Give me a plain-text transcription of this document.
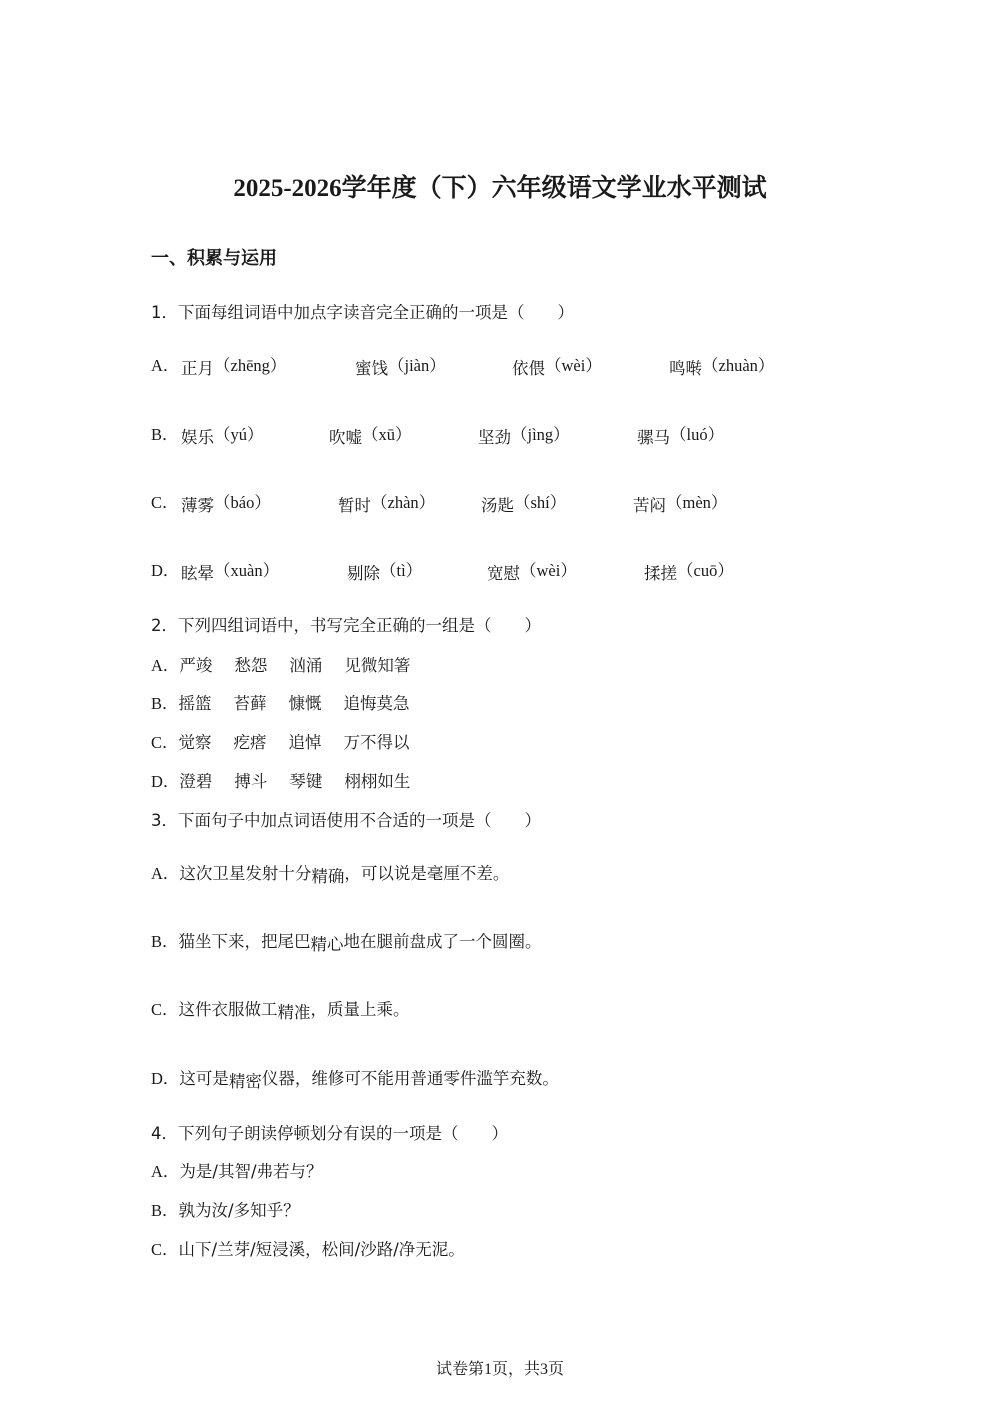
2025-2026学年度（下）六年级语文学业水平测试
一、积累与运用
1．下面每组词语中加点字读音完全正确的一项是（　　）
A． 正月（zhēng）	蜜饯（jiàn）	依偎（wèi）	鸣啭（zhuàn）
B． 娱乐（yú）	吹嘘（xū）	坚劲（jìng）	骡马（luó）
C． 薄雾（báo）	暂时（zhàn）	汤匙（shí）	苦闷（mèn）
D． 眩晕（xuàn）	剔除（tì）	宽慰（wèi）	揉搓（cuō）
2．下列四组词语中，书写完全正确的一组是（　　）
A．严竣 愁怨 汹涌 见微知箸
B．摇篮 苔藓 慷慨 追悔莫急
C．觉察 疙瘩 追悼 万不得以
D．澄碧 搏斗 琴键 栩栩如生
3．下面句子中加点词语使用不合适的一项是（　　）
A．这次卫星发射十分精确，可以说是毫厘不差。
B．猫坐下来，把尾巴精心地在腿前盘成了一个圆圈。
C．这件衣服做工精准，质量上乘。
D．这可是精密仪器，维修可不能用普通零件滥竽充数。
4．下列句子朗读停顿划分有误的一项是（　　）
A．为是/其智/弗若与？
B．孰为汝/多知乎？
C．山下/兰芽/短浸溪，松间/沙路/净无泥。
试卷第1页，共3页
